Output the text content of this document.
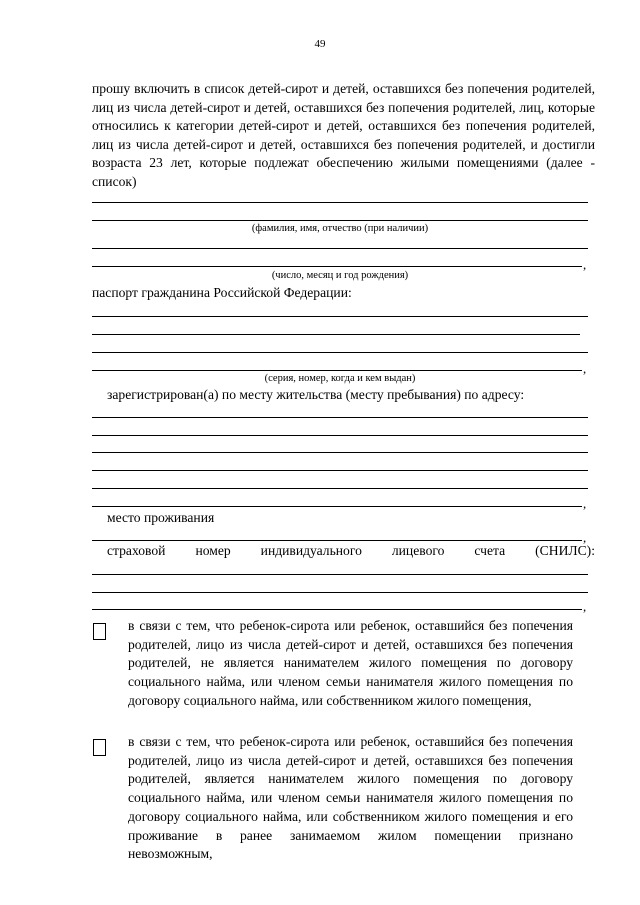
49
прошу включить в список детей-сирот и детей, оставшихся без попечения родителей, лиц из числа детей-сирот и детей, оставшихся без попечения родителей, лиц, которые относились к категории детей-сирот и детей, оставшихся без попечения родителей, лиц из числа детей-сирот и детей, оставшихся без попечения родителей, и достигли возраста 23 лет, которые подлежат обеспечению жилыми помещениями (далее - список)
(фамилия, имя, отчество (при наличии)
,
(число, месяц и год рождения)
паспорт гражданина Российской Федерации:
,
(серия, номер, когда и кем выдан)
зарегистрирован(а) по месту жительства (месту пребывания) по адресу:
,
место проживания
,
страховой номер индивидуального лицевого счета (СНИЛС):
,
в связи с тем, что ребенок-сирота или ребенок, оставшийся без попечения родителей, лицо из числа детей-сирот и детей, оставшихся без попечения родителей, не является нанимателем жилого помещения по договору социального найма, или членом семьи нанимателя жилого помещения по договору социального найма, или собственником жилого помещения,
в связи с тем, что ребенок-сирота или ребенок, оставшийся без попечения родителей, лицо из числа детей-сирот и детей, оставшихся без попечения родителей, является нанимателем жилого помещения по договору социального найма, или членом семьи нанимателя жилого помещения по договору социального найма, или собственником жилого помещения и его проживание в ранее занимаемом жилом помещении признано невозможным,
